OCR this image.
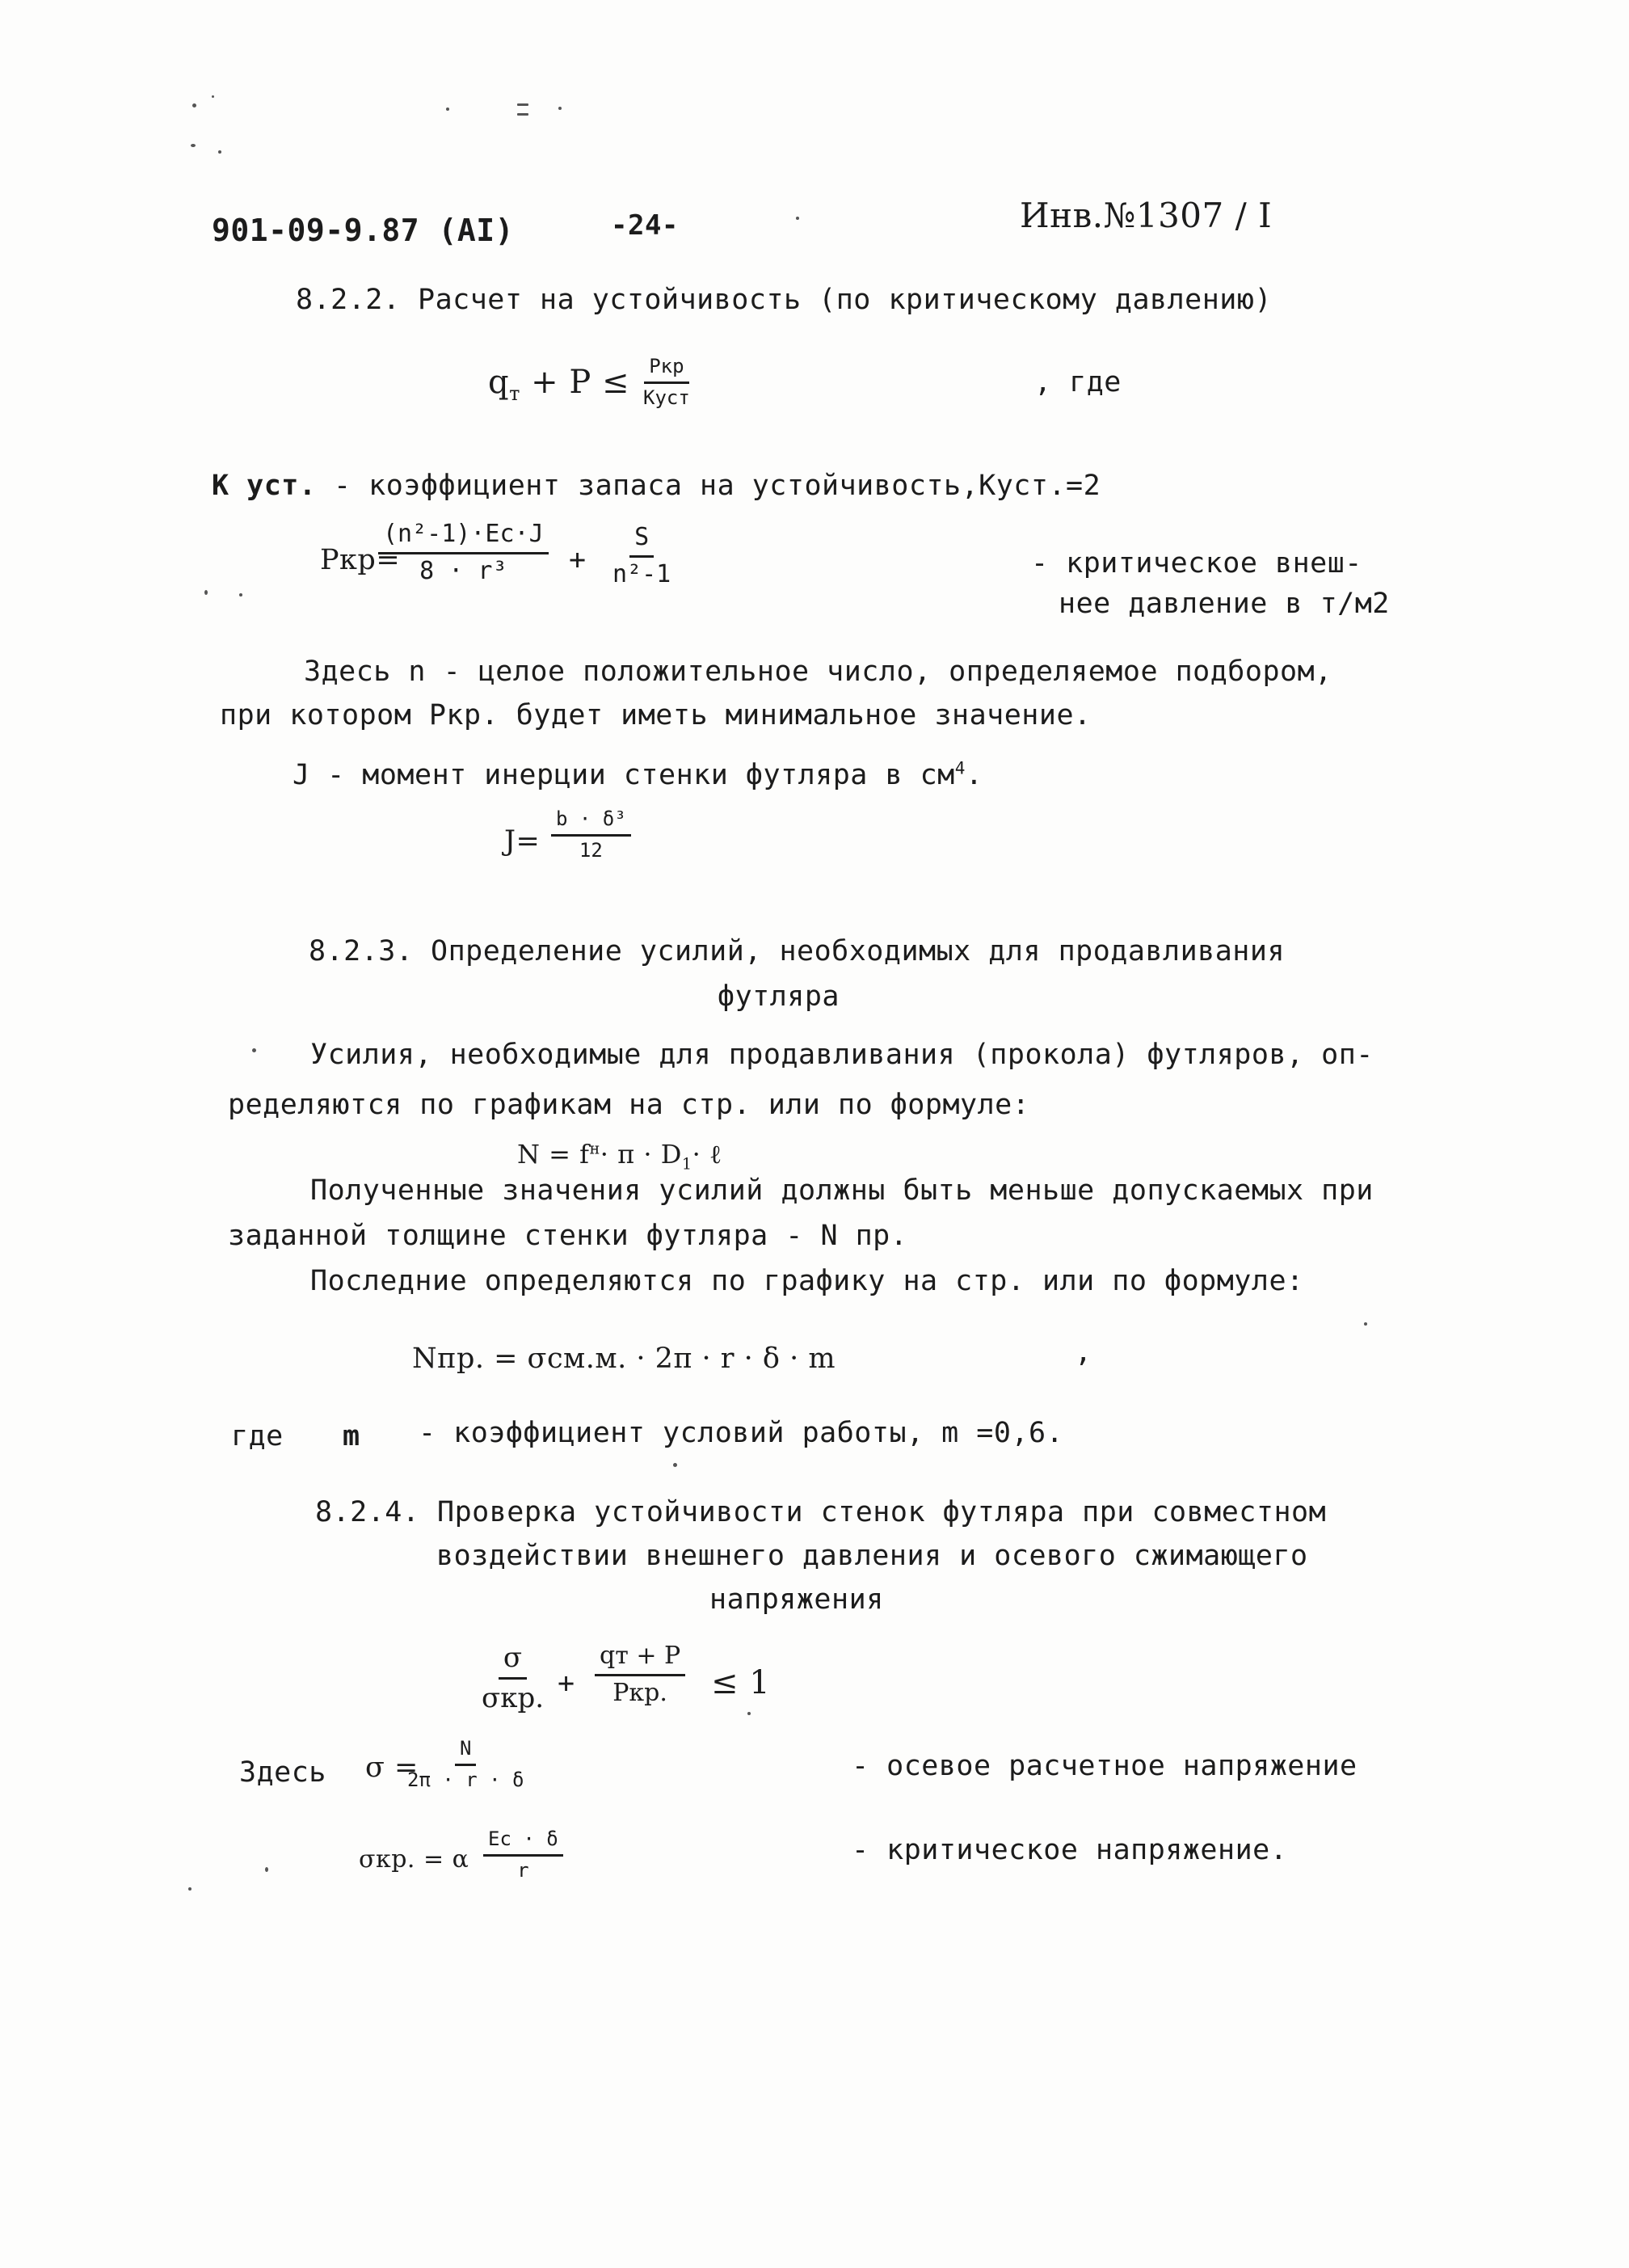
901-09-9.87 (АI)	-24-	Инв.№1307 / I
8.2.2. Расчет на устойчивость (по критическому давлению)
$q_т + P$ ≤ Pкр
Куст	, где
К уст. - коэффициент запаса на устойчивость,Куст.=2
Ркр=
(n²-1)·Eс·J
$8 \cdot r^3 + \frac{S}{\text{n²-1}}$	- критическое внеш-
нее давление в т/м2
Здесь n - целое положительное число, определяемое подбором,
при котором Ркр. будет иметь минимальное значение.
J - момент инерции стенки футляра в $см^4$.
$J= \frac{\text{b · δ³}}{12}$
8.2.3. Определение усилий, необходимых для продавливания
футляра
Усилия, необходимые для продавливания (прокола) футляров, оп-
ределяются по графикам на стр. или по формуле:
$N = f^н\cdot \pi \cdot D_1\cdot$ ℓ
Полученные значения усилий должны быть меньше допускаемых при
заданной толщине стенки футляра - N пр.
Последние определяются по графику на стр. или по формуле:
Nпр. = σсм.м. · 2π · r · δ · m	,
где m - коэффициент условий работы, m =0,6.
8.2.4. Проверка устойчивости стенок футляра при совместном
воздействии внешнего давления и осевого сжимающего
напряжения
σ
σкр. +
qт + P
Pкр. ≤ 1
Здесь σ =
$\frac{N}{2\pi \cdot r \cdot \delta}$	- осевое расчетное напряжение
σкр. = α
Eс · δ
r
- критическое напряжение.
